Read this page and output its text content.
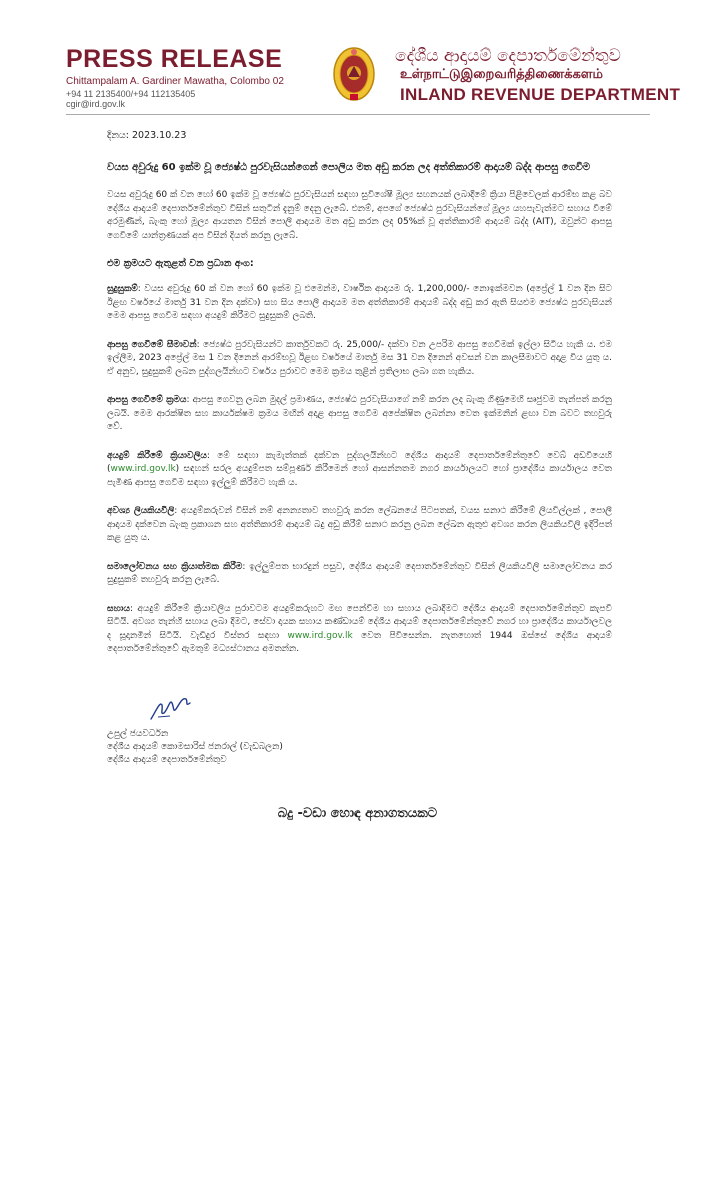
PRESS RELEASE
Chittampalam A. Gardiner Mawatha, Colombo 02
+94 11 2135400/+94 112135405
cgir@ird.gov.lk
දේශීය ආදායම් දෙපාර්තමේන්තුව
உள்நாட்டுஇறைவரித்திணைக்களம்
INLAND REVENUE DEPARTMENT
දිනය: 2023.10.23
වයස අවුරුදු 60 ඉක්ම වූ ජ්‍යෙෂ්ඨ පුරවැසියන්ගෙන් පොලිය මත අඩු කරන ලද අත්තිකාරම් ආදායම් බද්ද ආපසු ගෙවීම

වයස අවුරුදු 60 ක් වන හෝ 60 ඉක්ම වූ ජ්‍යෙෂ්ඨ පුරවැසියන් සඳහා සුවිශේෂී මූල්‍ය සහනයක් ලබාදීමේ ක්‍රියා පිළිවෙලක් ආරම්භ කළ බව දේශීය ආදායම් දෙපාර්තමේන්තුව විසින් සතුටින් දැනුම් දෙනු ලැබේ. එනම්, අපගේ ජ්‍යෙෂ්ඨ පුරවැසියන්ගේ මූල්‍ය යහපැවැත්මට සහාය වීමේ අරමුණින්, බැංකු හෝ මූල්‍ය ආයතන විසින් පොලී ආදායම මත අඩු කරන ලද 05%ක් වූ අත්තිකාරම් ආදායම් බද්ද (AIT), ඔවුන්ට ආපසු ගෙවීමේ යාන්ත්‍රණයක් අප විසින් දියත් කරනු ලැබේ.

එම ක්‍රමයට ඇතුළත් වන ප්‍රධාන අංග:

සුදුසුකම්: වයස අවුරුදු 60 ක් වන හෝ 60 ඉක්ම වූ එමෙන්ම, වාර්ෂික ආදායම රු. 1,200,000/- නොඉක්මවන (අප්‍රේල් 1 වන දින සිට ඊළඟ වර්ෂයේ මාර්තු 31 වන දින දක්වා) සහ සිය පොලී ආදායම මත අත්තිකාරම් ආදායම් බද්ද අඩු කර ඇති සියළුම ජ්‍යෙෂ්ඨ පුරවැසියන් මෙම ආපසු ගෙවීම සඳහා අයදුම් කිරීමට සුදුසුකම් ලබති.

ආපසු ගෙවීමේ සීමාවන්: ජ්‍යෙෂ්ඨ පුරවැසියන්ට කාර්තුවකට රු. 25,000/- දක්වා වන උපරිම ආපසු ගෙවීමක් ඉල්ලා සිටිය හැකි ය. එම ඉල්ලීම, 2023 අප්‍රේල් මස 1 වන දිනෙන් ආරම්භවූ ඊළඟ වර්ෂයේ මාර්තු මස 31 වන දිනෙන් අවසන් වන කාලසීමාවට අදාළ විය යුතු ය. ඒ අනුව, සුදුසුකම් ලබන පුද්ගලයින්හට වර්ෂය පුරාවට මෙම ක්‍රමය තුළින් ප්‍රතිලාභ ලබා ගත හැකිය.

ආපසු ගෙවීමේ ක්‍රමය: ආපසු ගෙවනු ලබන මුදල් ප්‍රමාණය, ජ්‍යෙෂ්ඨ පුරවැසියාගේ නම් කරන ලද බැංකු ගිණුමෙහි සෘජුවම තැන්පත් කරනු ලබයි. මෙම ආරක්ෂිත සහ කාර්යක්ෂම ක්‍රමය මඟින් අදාළ ආපසු ගෙවීම අපේක්ෂිත ලබන්නා වෙත ඉක්මනින් ළඟා වන බවට තහවුරු වේ.

අයදුම් කිරීමේ ක්‍රියාවලිය: මේ සඳහා කැමැත්තක් දක්වන පුද්ගලයින්හට දේශීය ආදායම් දෙපාර්තමේන්තුවේ වෙබ් අඩවියෙහි (www.ird.gov.lk) සඳහන් සරල අයදුම්පත සම්පූර්ණ කිරීමෙන් හෝ ආසන්නතම නගර කාර්යාලයට හෝ ප්‍රාදේශීය කාර්යාලය වෙත පැමිණ ආපසු ගෙවීම සඳහා ඉල්ලුම් කිරීමට හැකි ය.

අවශ්‍ය ලියකියවිලි: අයදුම්කරුවන් විසින් නම් අනන්‍යතාව තහවුරු කරන ලේඛනයේ පිටපතක්, වයස සනාථ කිරීමේ ලියවිල්ලක් , පොලී ආදායම දක්වෙන බැංකු ප්‍රකාශන සහ අත්තිකාරම් ආදායම් බදු අඩු කිරීම් සනාථ කරනු ලබන ලේඛන ඇතුළු අවශ්‍ය කරන ලියකියවිලි ඉදිරිපත් කළ යුතු ය.

සමාලෝචනය සහ ක්‍රියාත්මක කිරීම: ඉල්ලුම්පත භාරදුන් පසුව, දේශීය ආදායම් දෙපාර්තමේන්තුව විසින් ලියකියවිලි සමාලෝචනය කර සුදුසුකම් තහවුරු කරනු ලැබේ.

සහාය: අයදුම් කිරීමේ ක්‍රියාවලිය පුරාවටම අයදුම්කරුහට මඟ පෙන්වීම හා සහාය ලබාදීමට දේශීය ආදායම් දෙපාර්තමේන්තුව කැපවී සිටියි. අවශ්‍ය තැන්හි සහාය ලබා දීමට, සේවා දායක සහාය කණ්ඩායම් දේශීය ආදායම් දෙපාර්තමේන්තුවේ නගර හා ප්‍රාදේශීය කාර්යාලවල ද සූදානමින් සිටියි. වැඩිදුර විස්තර සඳහා www.ird.gov.lk වෙත පිවිසෙන්න. නැතහොත් 1944 ඔස්සේ දේශීය ආදායම් දෙපාර්තමේන්තුවේ ඇමතුම් මධ්‍යස්ථානය අමතන්න.

උපුල් ජයවර්ධන
දේශීය ආදායම් කොමසාරිස් ජනරාල් (වැඩබලන)
දේශීය ආදායම් දෙපාර්තමේන්තුව
බදු -වඩා හොඳ අනාගතයකට
